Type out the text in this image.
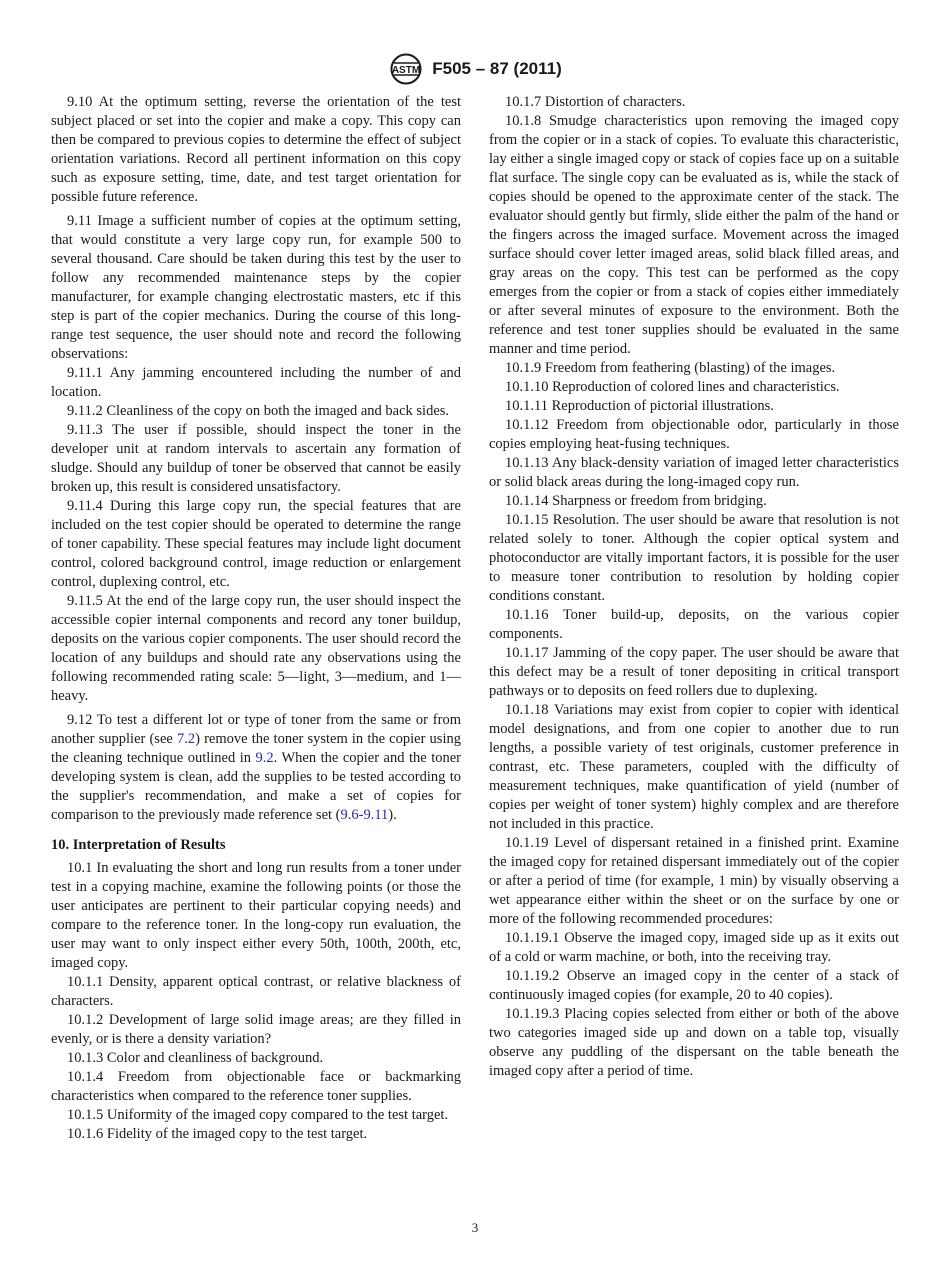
ASTM F505 – 87 (2011)

9.10 At the optimum setting, reverse the orientation of the test subject placed or set into the copier and make a copy. This copy can then be compared to previous copies to determine the effect of subject orientation variations. Record all pertinent information on this copy such as exposure setting, time, date, and test target orientation for possible future reference.

9.11 Image a sufficient number of copies at the optimum setting, that would constitute a very large copy run, for example 500 to several thousand. Care should be taken during this test by the user to follow any recommended maintenance steps by the copier manufacturer, for example changing electrostatic masters, etc if this step is part of the copier mechanics. During the course of this long-range test sequence, the user should note and record the following observations:

9.11.1 Any jamming encountered including the number of and location.

9.11.2 Cleanliness of the copy on both the imaged and back sides.

9.11.3 The user if possible, should inspect the toner in the developer unit at random intervals to ascertain any formation of sludge. Should any buildup of toner be observed that cannot be easily broken up, this result is considered unsatisfactory.

9.11.4 During this large copy run, the special features that are included on the test copier should be operated to determine the range of toner capability. These special features may include light document control, colored background control, image reduction or enlargement control, duplexing control, etc.

9.11.5 At the end of the large copy run, the user should inspect the accessible copier internal components and record any toner buildup, deposits on the various copier components. The user should record the location of any buildups and should rate any observations using the following recommended rating scale: 5—light, 3—medium, and 1—heavy.

9.12 To test a different lot or type of toner from the same or from another supplier (see 7.2) remove the toner system in the copier using the cleaning technique outlined in 9.2. When the copier and the toner developing system is clean, add the supplies to be tested according to the supplier's recommendation, and make a set of copies for comparison to the previously made reference set (9.6-9.11).

10. Interpretation of Results

10.1 In evaluating the short and long run results from a toner under test in a copying machine, examine the following points (or those the user anticipates are pertinent to their particular copying needs) and compare to the reference toner. In the long-copy run evaluation, the user may want to only inspect either every 50th, 100th, 200th, etc, imaged copy.

10.1.1 Density, apparent optical contrast, or relative blackness of characters.

10.1.2 Development of large solid image areas; are they filled in evenly, or is there a density variation?

10.1.3 Color and cleanliness of background.

10.1.4 Freedom from objectionable face or backmarking characteristics when compared to the reference toner supplies.

10.1.5 Uniformity of the imaged copy compared to the test target.

10.1.6 Fidelity of the imaged copy to the test target.

10.1.7 Distortion of characters.

10.1.8 Smudge characteristics upon removing the imaged copy from the copier or in a stack of copies. To evaluate this characteristic, lay either a single imaged copy or stack of copies face up on a suitable flat surface. The single copy can be evaluated as is, while the stack of copies should be opened to the approximate center of the stack. The evaluator should gently but firmly, slide either the palm of the hand or the fingers across the imaged surface. Movement across the imaged surface should cover letter imaged areas, solid black filled areas, and gray areas on the copy. This test can be performed as the copy emerges from the copier or from a stack of copies either immediately or after several minutes of exposure to the environment. Both the reference and test toner supplies should be evaluated in the same manner and time period.

10.1.9 Freedom from feathering (blasting) of the images.

10.1.10 Reproduction of colored lines and characteristics.

10.1.11 Reproduction of pictorial illustrations.

10.1.12 Freedom from objectionable odor, particularly in those copies employing heat-fusing techniques.

10.1.13 Any black-density variation of imaged letter characteristics or solid black areas during the long-imaged copy run.

10.1.14 Sharpness or freedom from bridging.

10.1.15 Resolution. The user should be aware that resolution is not related solely to toner. Although the copier optical system and photoconductor are vitally important factors, it is possible for the user to measure toner contribution to resolution by holding copier conditions constant.

10.1.16 Toner build-up, deposits, on the various copier components.

10.1.17 Jamming of the copy paper. The user should be aware that this defect may be a result of toner depositing in critical transport pathways or to deposits on feed rollers due to duplexing.

10.1.18 Variations may exist from copier to copier with identical model designations, and from one copier to another due to run lengths, a possible variety of test originals, customer preference in contrast, etc. These parameters, coupled with the difficulty of measurement techniques, make quantification of yield (number of copies per weight of toner system) highly complex and are therefore not included in this practice.

10.1.19 Level of dispersant retained in a finished print. Examine the imaged copy for retained dispersant immediately out of the copier or after a period of time (for example, 1 min) by visually observing a wet appearance either within the sheet or on the surface by one or more of the following recommended procedures:

10.1.19.1 Observe the imaged copy, imaged side up as it exits out of a cold or warm machine, or both, into the receiving tray.

10.1.19.2 Observe an imaged copy in the center of a stack of continuously imaged copies (for example, 20 to 40 copies).

10.1.19.3 Placing copies selected from either or both of the above two categories imaged side up and down on a table top, visually observe any puddling of the dispersant on the table beneath the imaged copy after a period of time.

3
